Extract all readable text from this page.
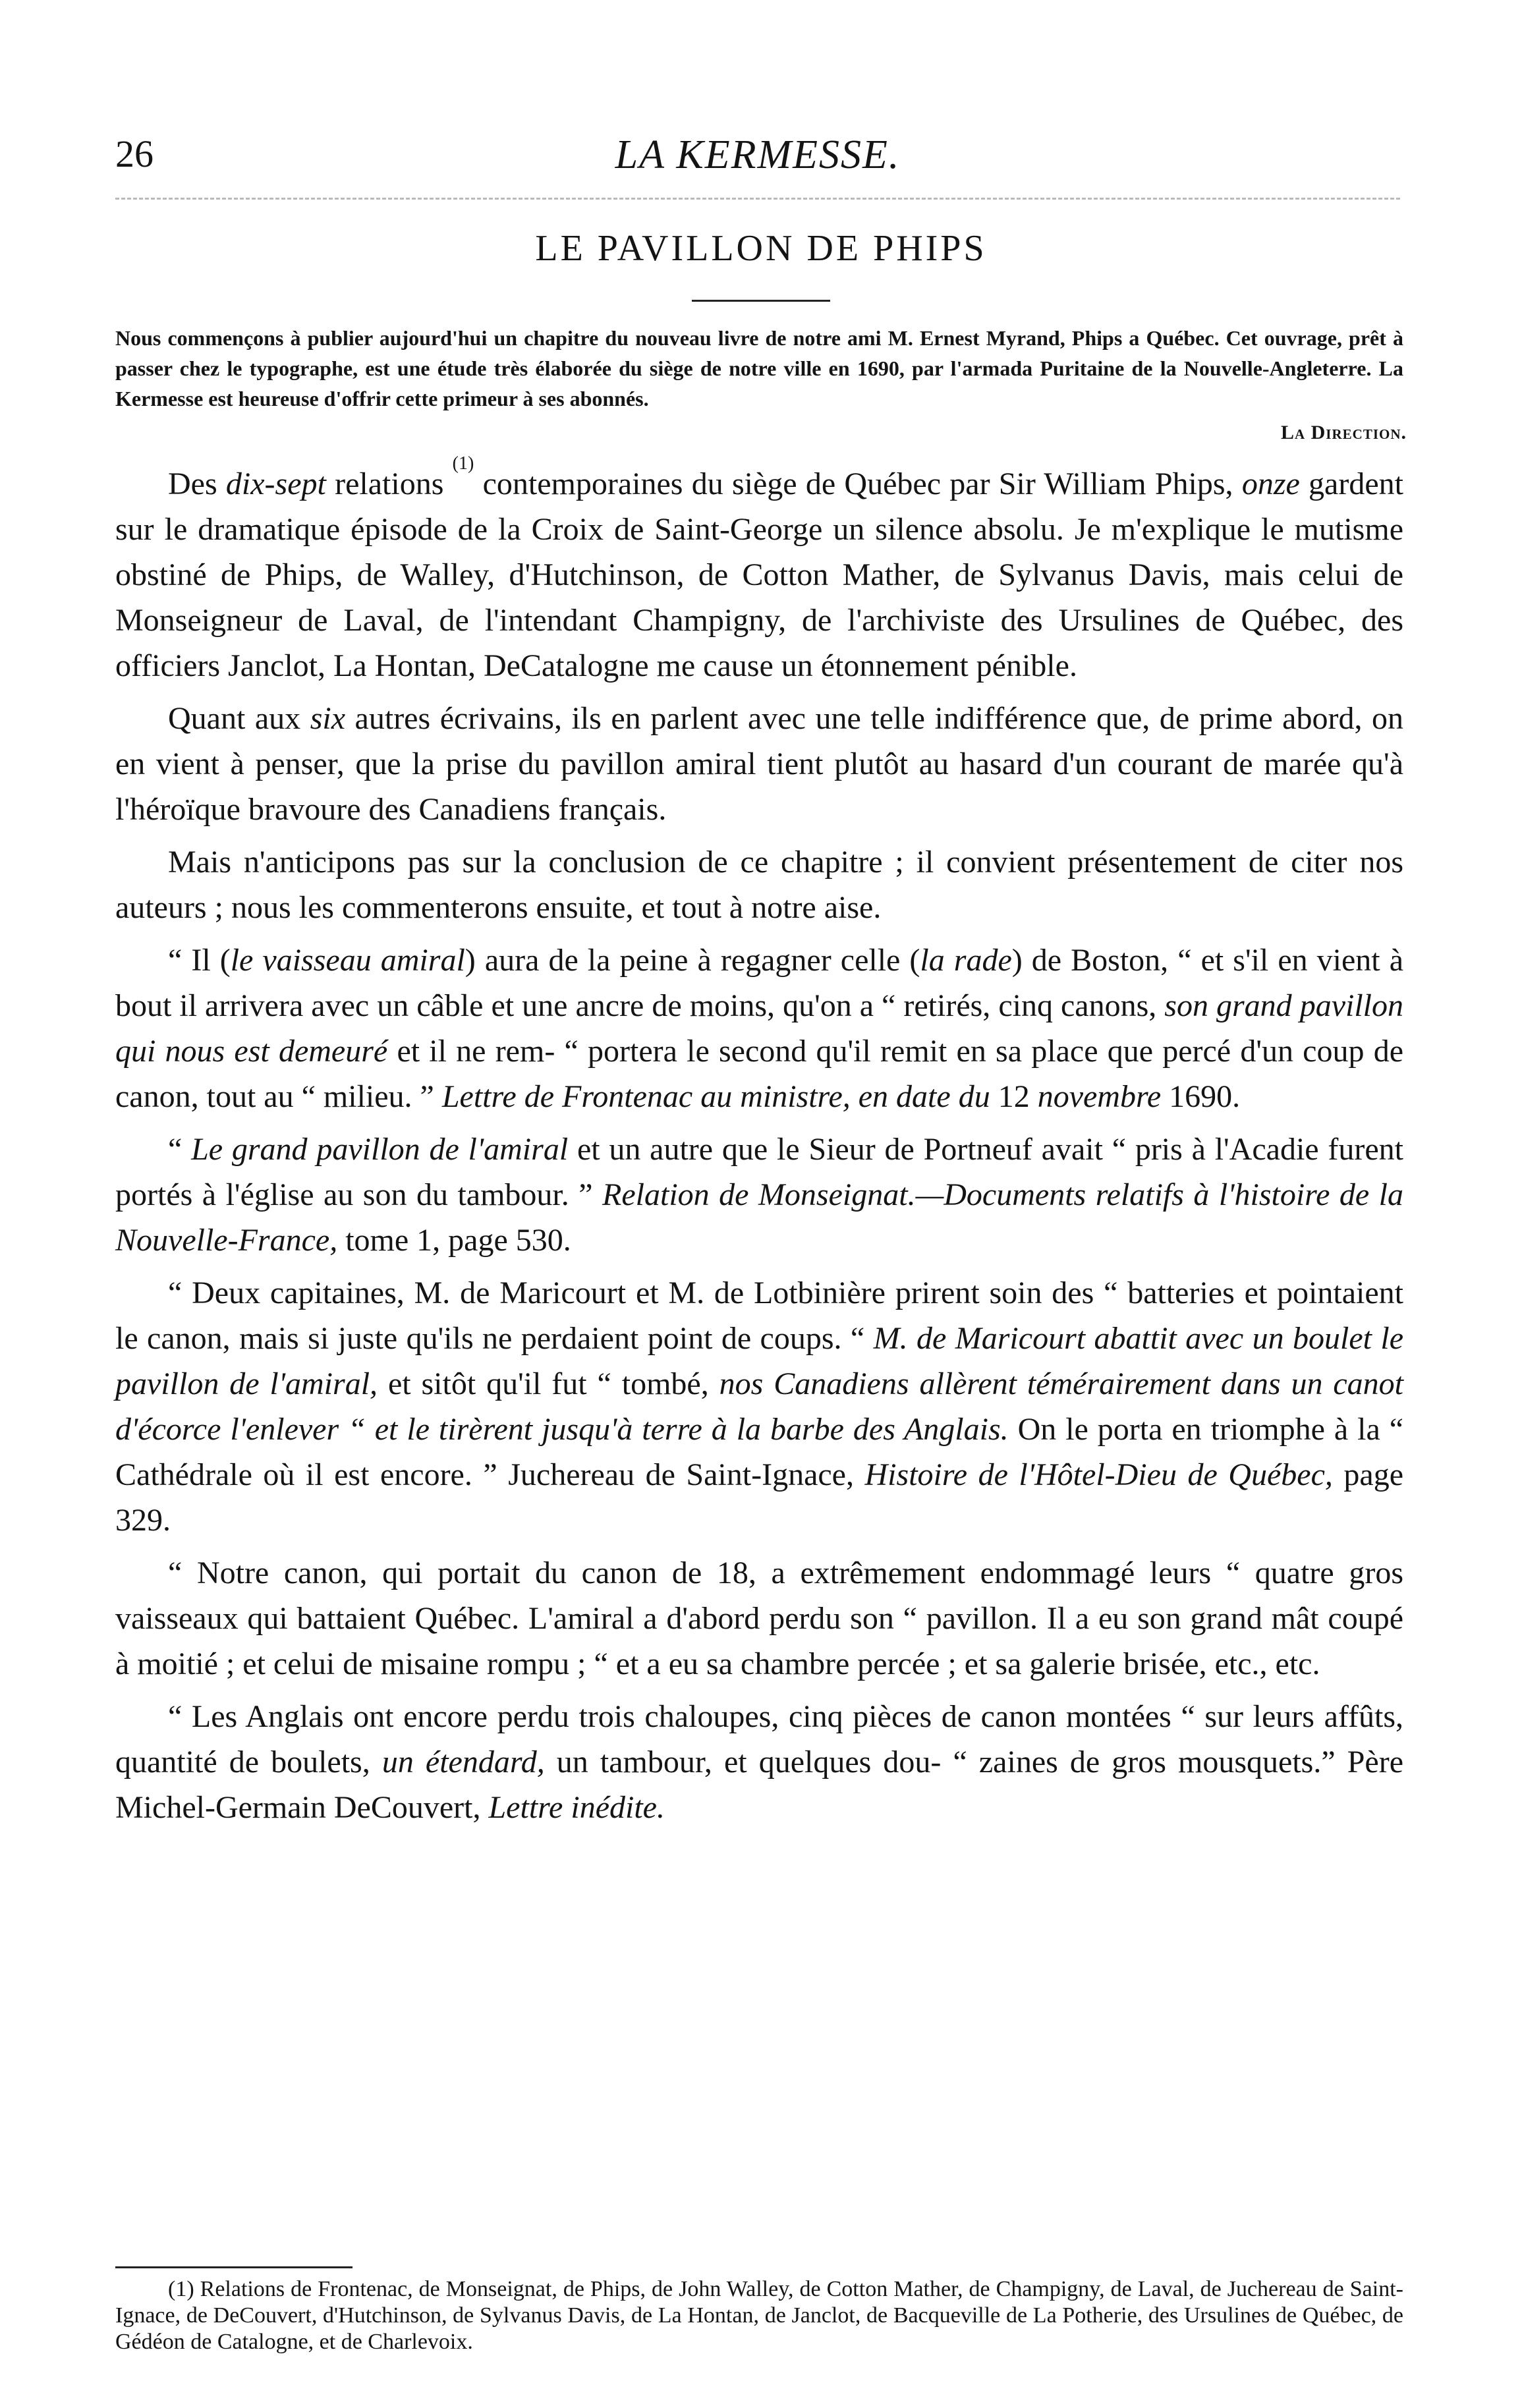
26	LA KERMESSE.
LE PAVILLON DE PHIPS
Nous commençons à publier aujourd'hui un chapitre du nouveau livre de notre ami M. Ernest Myrand, Phips a Québec. Cet ouvrage, prêt à passer chez le typographe, est une étude très élaborée du siège de notre ville en 1690, par l'armada Puritaine de la Nouvelle-Angleterre. La Kermesse est heureuse d'offrir cette primeur à ses abonnés.
La Direction.

Des dix-sept relations $^{(1)}$ contemporaines du siège de Québec par Sir William Phips, onze gardent sur le dramatique épisode de la Croix de Saint-George un silence absolu. Je m'explique le mutisme obstiné de Phips, de Walley, d'Hutchinson, de Cotton Mather, de Sylvanus Davis, mais celui de Monseigneur de Laval, de l'intendant Champigny, de l'archiviste des Ursulines de Québec, des officiers Janclot, La Hontan, DeCatalogne me cause un étonnement pénible.

Quant aux six autres écrivains, ils en parlent avec une telle indifférence que, de prime abord, on en vient à penser, que la prise du pavillon amiral tient plutôt au hasard d'un courant de marée qu'à l'héroïque bravoure des Canadiens français.

Mais n'anticipons pas sur la conclusion de ce chapitre ; il convient présentement de citer nos auteurs ; nous les commenterons ensuite, et tout à notre aise.

“ Il (le vaisseau amiral) aura de la peine à regagner celle (la rade) de Boston, “ et s'il en vient à bout il arrivera avec un câble et une ancre de moins, qu'on a “ retirés, cinq canons, son grand pavillon qui nous est demeuré et il ne rem- “ portera le second qu'il remit en sa place que percé d'un coup de canon, tout au “ milieu. ” Lettre de Frontenac au ministre, en date du 12 novembre 1690.

“ Le grand pavillon de l'amiral et un autre que le Sieur de Portneuf avait “ pris à l'Acadie furent portés à l'église au son du tambour. ” Relation de Monseignat.—Documents relatifs à l'histoire de la Nouvelle-France, tome 1, page 530.

“ Deux capitaines, M. de Maricourt et M. de Lotbinière prirent soin des “ batteries et pointaient le canon, mais si juste qu'ils ne perdaient point de coups. “ M. de Maricourt abattit avec un boulet le pavillon de l'amiral, et sitôt qu'il fut “ tombé, nos Canadiens allèrent témérairement dans un canot d'écorce l'enlever “ et le tirèrent jusqu'à terre à la barbe des Anglais. On le porta en triomphe à la “ Cathédrale où il est encore. ” Juchereau de Saint-Ignace, Histoire de l'Hôtel-Dieu de Québec, page 329.

“ Notre canon, qui portait du canon de 18, a extrêmement endommagé leurs “ quatre gros vaisseaux qui battaient Québec. L'amiral a d'abord perdu son “ pavillon. Il a eu son grand mât coupé à moitié ; et celui de misaine rompu ; “ et a eu sa chambre percée ; et sa galerie brisée, etc., etc.

“ Les Anglais ont encore perdu trois chaloupes, cinq pièces de canon montées “ sur leurs affûts, quantité de boulets, un étendard, un tambour, et quelques dou- “ zaines de gros mousquets.” Père Michel-Germain DeCouvert, Lettre inédite.

(1) Relations de Frontenac, de Monseignat, de Phips, de John Walley, de Cotton Mather, de Champigny, de Laval, de Juchereau de Saint-Ignace, de DeCouvert, d'Hutchinson, de Sylvanus Davis, de La Hontan, de Janclot, de Bacqueville de La Potherie, des Ursulines de Québec, de Gédéon de Catalogne, et de Charlevoix.
